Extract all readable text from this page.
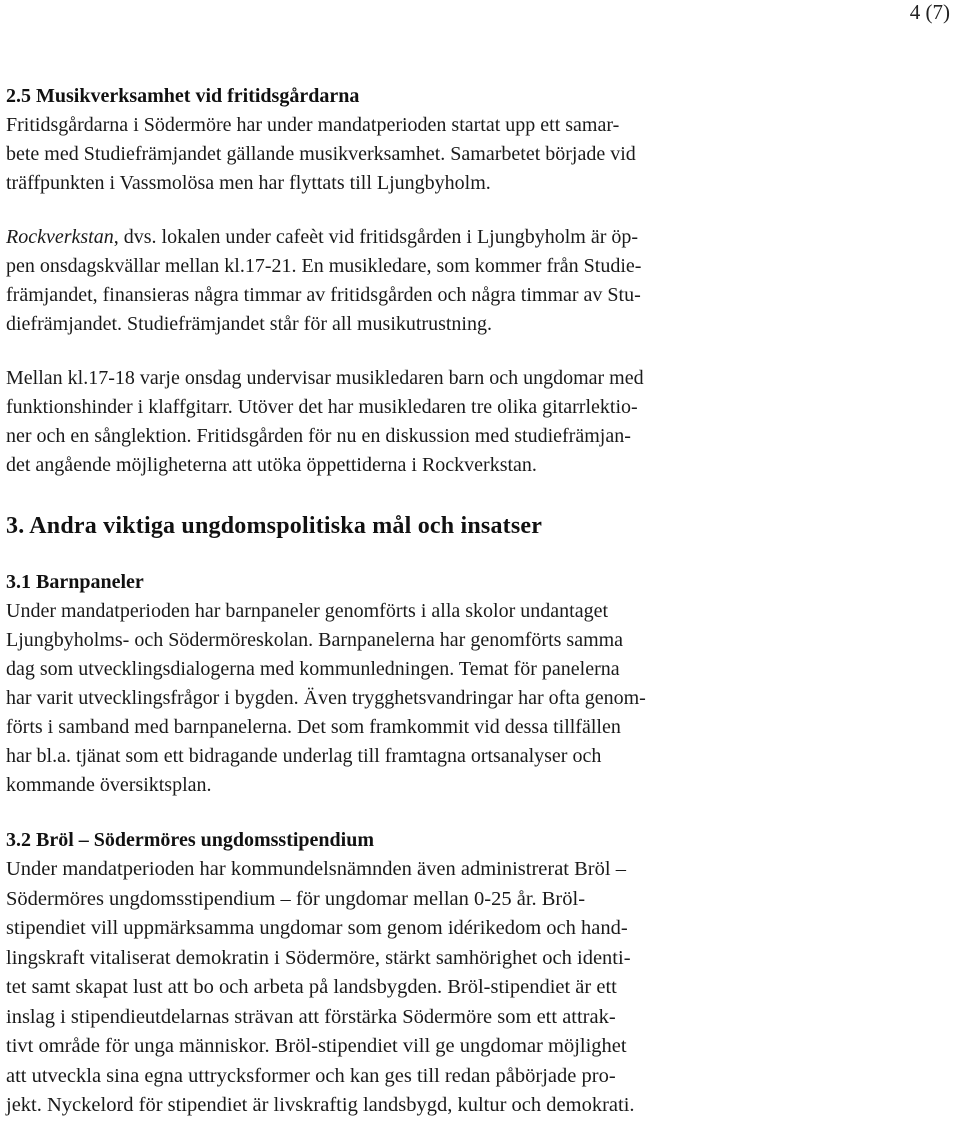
4 (7)
2.5 Musikverksamhet vid fritidsgårdarna
Fritidsgårdarna i Södermöre har under mandatperioden startat upp ett samar-
bete med Studiefrämjandet gällande musikverksamhet. Samarbetet började vid
träffpunkten i Vassmolösa men har flyttats till Ljungbyholm.
Rockverkstan, dvs. lokalen under cafeèt vid fritidsgården i Ljungbyholm är öp-
pen onsdagskvällar mellan kl.17-21. En musikledare, som kommer från Studie-
främjandet, finansieras några timmar av fritidsgården och några timmar av Stu-
diefrämjandet. Studiefrämjandet står för all musikutrustning.
Mellan kl.17-18 varje onsdag undervisar musikledaren barn och ungdomar med
funktionshinder i klaffgitarr. Utöver det har musikledaren tre olika gitarrlektio-
ner och en sånglektion. Fritidsgården för nu en diskussion med studiefrämjan-
det angående möjligheterna att utöka öppettiderna i Rockverkstan.
3. Andra viktiga ungdomspolitiska mål och insatser
3.1 Barnpaneler
Under mandatperioden har barnpaneler genomförts i alla skolor undantaget
Ljungbyholms- och Södermöreskolan. Barnpanelerna har genomförts samma
dag som utvecklingsdialogerna med kommunledningen. Temat för panelerna
har varit utvecklingsfrågor i bygden. Även trygghetsvandringar har ofta genom-
förts i samband med barnpanelerna. Det som framkommit vid dessa tillfällen
har bl.a. tjänat som ett bidragande underlag till framtagna ortsanalyser och
kommande översiktsplan.
3.2 Bröl – Södermöres ungdomsstipendium
Under mandatperioden har kommundelsnämnden även administrerat Bröl –
Södermöres ungdomsstipendium – för ungdomar mellan 0-25 år. Bröl-
stipendiet vill uppmärksamma ungdomar som genom idérikedom och hand-
lingskraft vitaliserat demokratin i Södermöre, stärkt samhörighet och identi-
tet samt skapat lust att bo och arbeta på landsbygden. Bröl-stipendiet är ett
inslag i stipendieutdelarnas strävan att förstärka Södermöre som ett attrak-
tivt område för unga människor. Bröl-stipendiet vill ge ungdomar möjlighet
att utveckla sina egna uttrycksformer och kan ges till redan påbörjade pro-
jekt. Nyckelord för stipendiet är livskraftig landsbygd, kultur och demokrati.
